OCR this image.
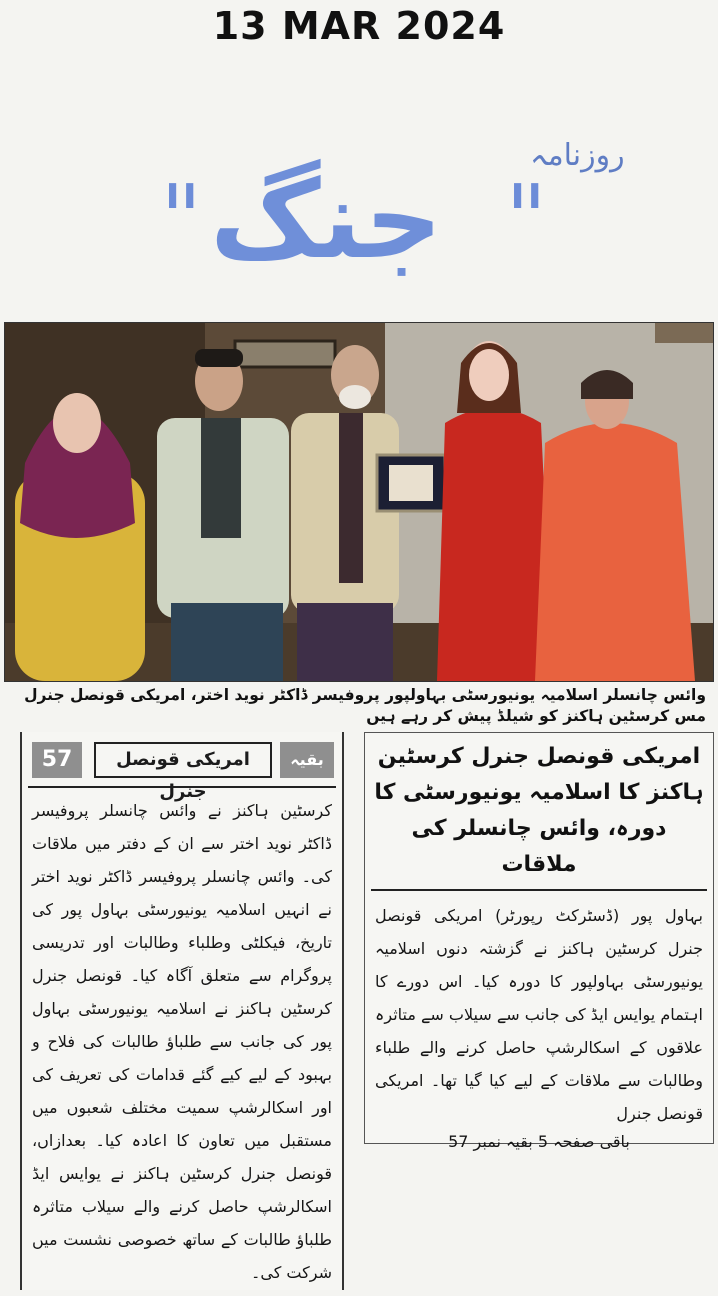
13 MAR 2024
روزنامہ
" جنگ "
وائس چانسلر اسلامیہ یونیورسٹی بہاولپور پروفیسر ڈاکٹر نوید اختر، امریکی قونصل جنرل مس کرسٹین ہاکنز کو شیلڈ پیش کر رہے ہیں
امریکی قونصل جنرل کرسٹین ہاکنز کا اسلامیہ یونیورسٹی کا دورہ، وائس چانسلر کی ملاقات
بہاول پور (ڈسٹرکٹ رپورٹر) امریکی قونصل جنرل کرسٹین ہاکنز نے گزشتہ دنوں اسلامیہ یونیورسٹی بہاولپور کا دورہ کیا۔ اس دورے کا اہتمام یوایس ایڈ کی جانب سے سیلاب سے متاثرہ علاقوں کے اسکالرشپ حاصل کرنے والے طلباء وطالبات سے ملاقات کے لیے کیا گیا تھا۔ امریکی قونصل جنرل
باقی صفحہ 5 بقیہ نمبر 57
57	امریکی قونصل جنرل
بقیہ
کرسٹین ہاکنز نے وائس چانسلر پروفیسر ڈاکٹر نوید اختر سے ان کے دفتر میں ملاقات کی۔ وائس چانسلر پروفیسر ڈاکٹر نوید اختر نے انہیں اسلامیہ یونیورسٹی بہاول پور کی تاریخ، فیکلٹی وطلباء وطالبات اور تدریسی پروگرام سے متعلق آگاہ کیا۔ قونصل جنرل کرسٹین ہاکنز نے اسلامیہ یونیورسٹی بہاول پور کی جانب سے طلباؤ طالبات کی فلاح و بہبود کے لیے کیے گئے قدامات کی تعریف کی اور اسکالرشپ سمیت مختلف شعبوں میں مستقبل میں تعاون کا اعادہ کیا۔ بعدازاں، قونصل جنرل کرسٹین ہاکنز نے یوایس ایڈ اسکالرشپ حاصل کرنے والے سیلاب متاثرہ طلباؤ طالبات کے ساتھ خصوصی نشست میں شرکت کی۔
